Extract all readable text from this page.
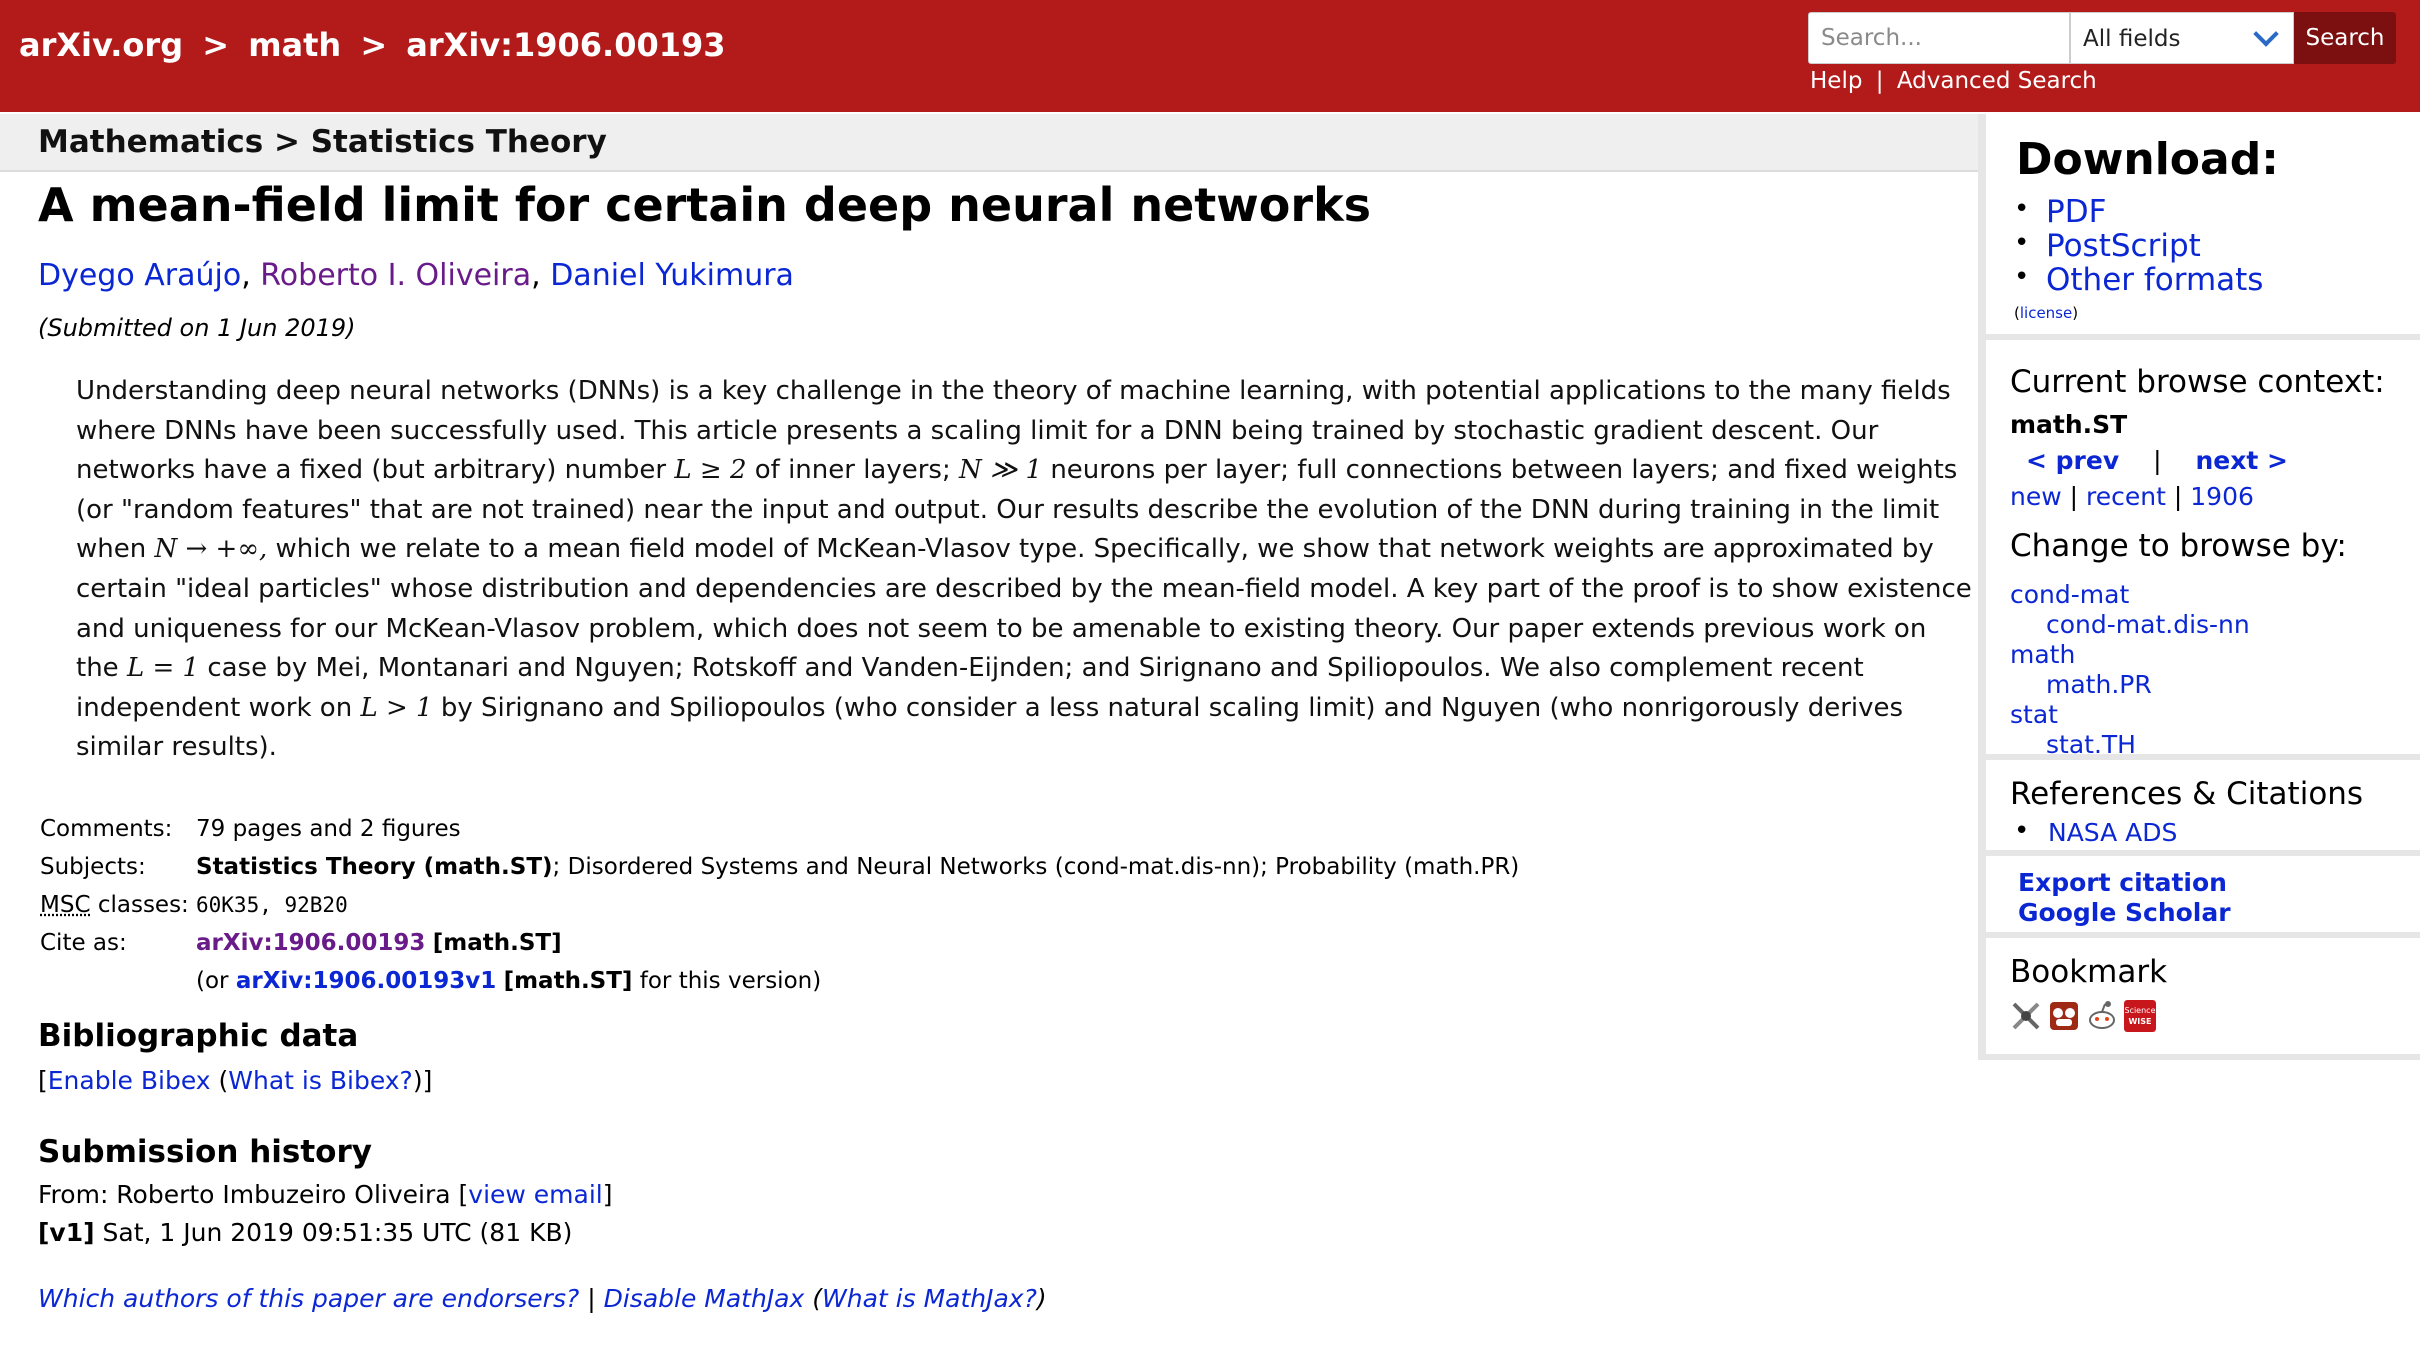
arXiv.org > math > arXiv:1906.00193
Search...	All fields	Search
Help | Advanced Search
Mathematics > Statistics Theory
A mean-field limit for certain deep neural networks
Dyego Araújo, Roberto I. Oliveira, Daniel Yukimura
(Submitted on 1 Jun 2019)
Understanding deep neural networks (DNNs) is a key challenge in the theory of machine learning, with potential applications to the many fields
where DNNs have been successfully used. This article presents a scaling limit for a DNN being trained by stochastic gradient descent. Our
networks have a fixed (but arbitrary) number L ≥ 2 of inner layers; N ≫ 1 neurons per layer; full connections between layers; and fixed weights
(or "random features" that are not trained) near the input and output. Our results describe the evolution of the DNN during training in the limit
when N → +∞, which we relate to a mean field model of McKean-Vlasov type. Specifically, we show that network weights are approximated by
certain "ideal particles" whose distribution and dependencies are described by the mean-field model. A key part of the proof is to show existence
and uniqueness for our McKean-Vlasov problem, which does not seem to be amenable to existing theory. Our paper extends previous work on
the L = 1 case by Mei, Montanari and Nguyen; Rotskoff and Vanden-Eijnden; and Sirignano and Spiliopoulos. We also complement recent
independent work on L > 1 by Sirignano and Spiliopoulos (who consider a less natural scaling limit) and Nguyen (who nonrigorously derives
similar results).
Comments:	79 pages and 2 figures
Subjects:	Statistics Theory (math.ST); Disordered Systems and Neural Networks (cond-mat.dis-nn); Probability (math.PR)
MSC classes:	60K35, 92B20
Cite as:	arXiv:1906.00193 [math.ST]
	(or arXiv:1906.00193v1 [math.ST] for this version)
Bibliographic data
[Enable Bibex (What is Bibex?)]
Submission history
From: Roberto Imbuzeiro Oliveira [view email]
[v1] Sat, 1 Jun 2019 09:51:35 UTC (81 KB)
Which authors of this paper are endorsers? | Disable MathJax (What is MathJax?)
Download:
• PDF
• PostScript
• Other formats
(license)
Current browse context:
math.ST
< prev | next >
new | recent | 1906
Change to browse by:
cond-mat
cond-mat.dis-nn
math
math.PR
stat
stat.TH
References & Citations
• NASA ADS
Export citation
Google Scholar
Bookmark
Science
WISE
